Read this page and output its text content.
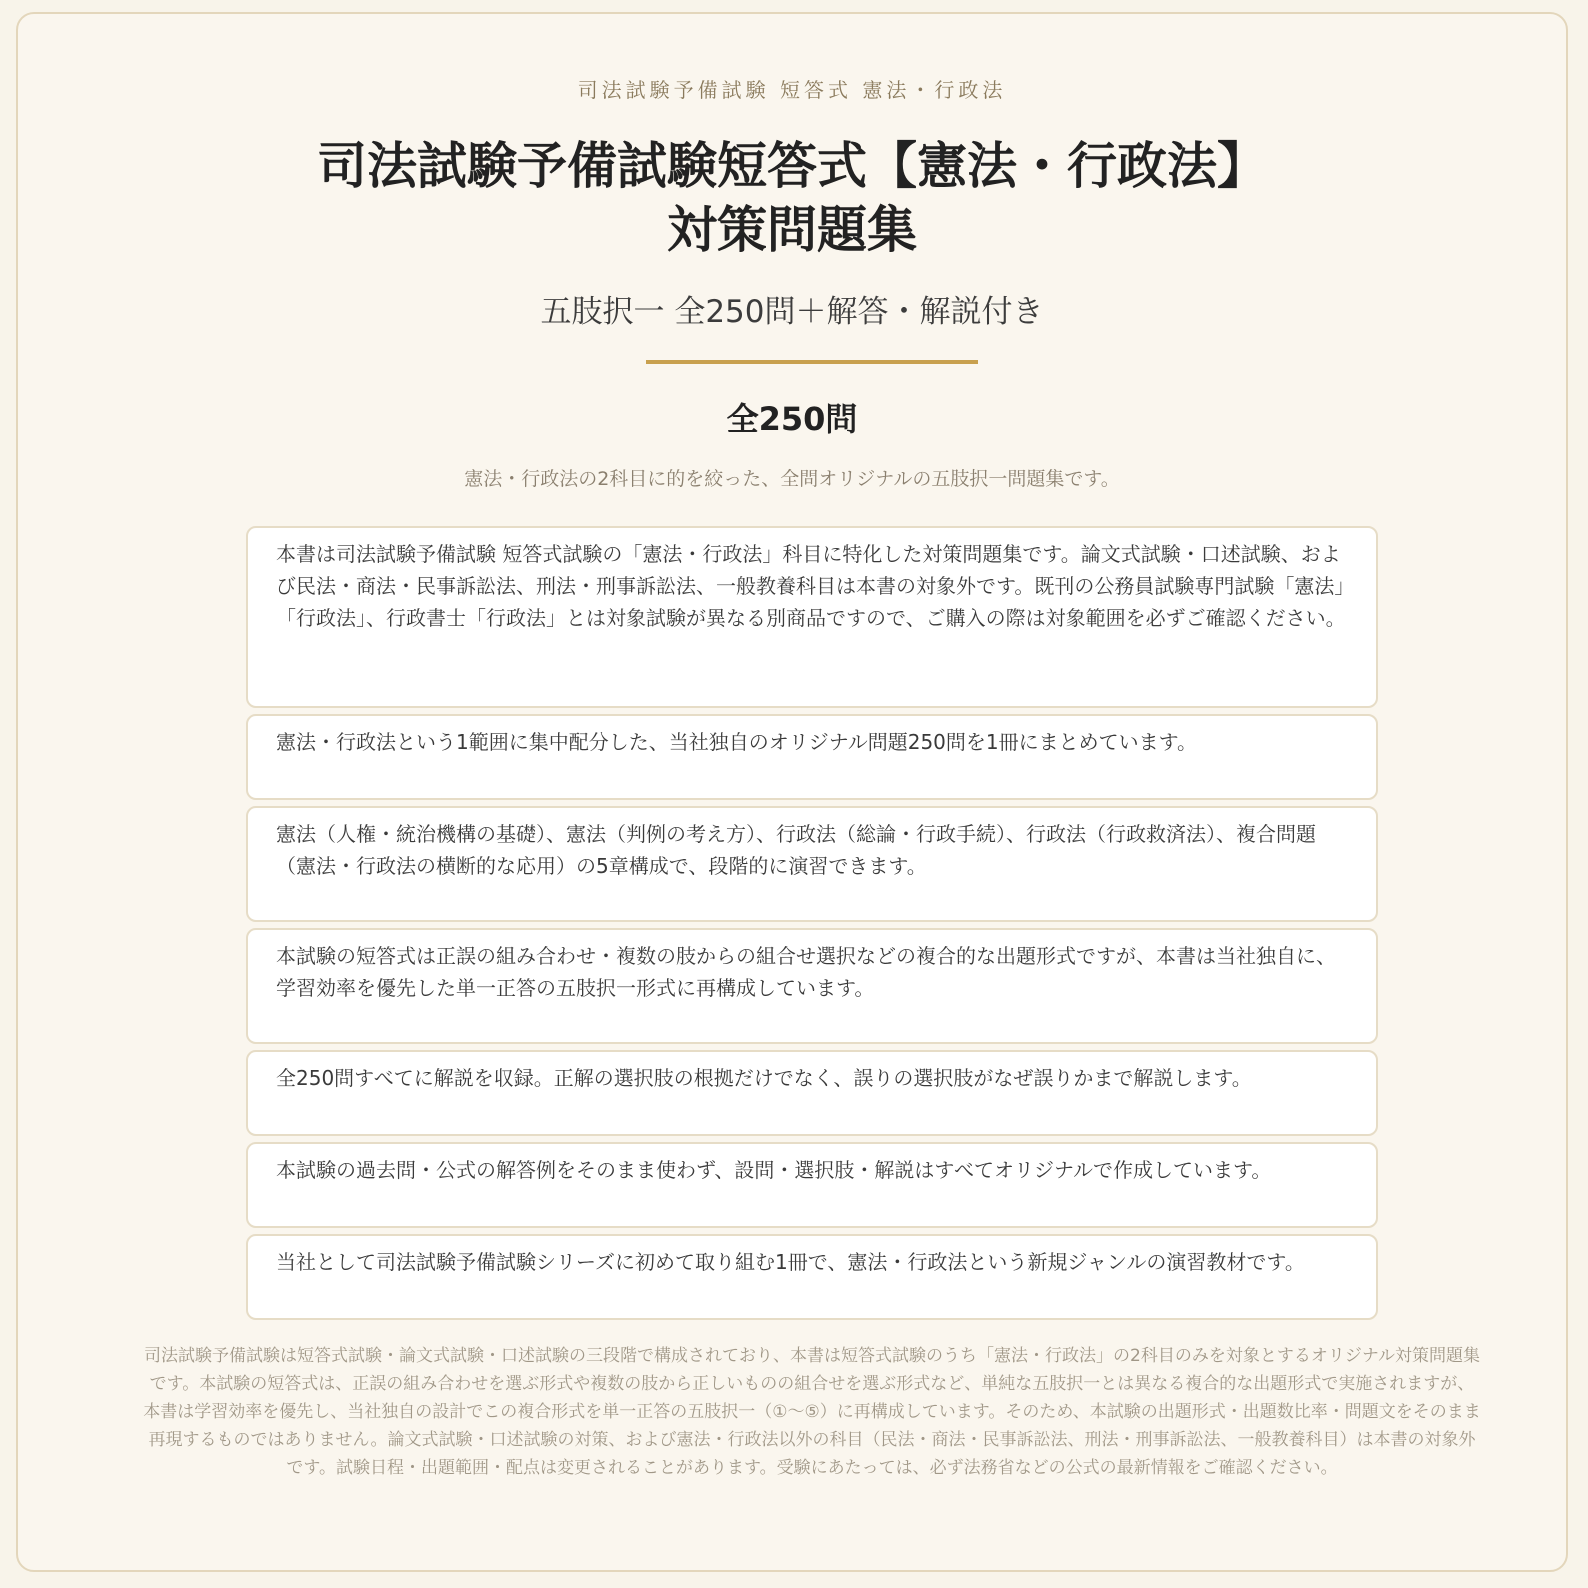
司法試験予備試験 短答式 憲法・行政法
司法試験予備試験短答式【憲法・行政法】
対策問題集
五肢択一 全250問＋解答・解説付き
全250問
憲法・行政法の2科目に的を絞った、全問オリジナルの五肢択一問題集です。
本書は司法試験予備試験 短答式試験の「憲法・行政法」科目に特化した対策問題集です。論文式試験・口述試験、および民法・商法・民事訴訟法、刑法・刑事訴訟法、一般教養科目は本書の対象外です。既刊の公務員試験専門試験「憲法」「行政法」、行政書士「行政法」とは対象試験が異なる別商品ですので、ご購入の際は対象範囲を必ずご確認ください。
憲法・行政法という1範囲に集中配分した、当社独自のオリジナル問題250問を1冊にまとめています。
憲法（人権・統治機構の基礎）、憲法（判例の考え方）、行政法（総論・行政手続）、行政法（行政救済法）、複合問題（憲法・行政法の横断的な応用）の5章構成で、段階的に演習できます。
本試験の短答式は正誤の組み合わせ・複数の肢からの組合せ選択などの複合的な出題形式ですが、本書は当社独自に、学習効率を優先した単一正答の五肢択一形式に再構成しています。
全250問すべてに解説を収録。正解の選択肢の根拠だけでなく、誤りの選択肢がなぜ誤りかまで解説します。
本試験の過去問・公式の解答例をそのまま使わず、設問・選択肢・解説はすべてオリジナルで作成しています。
当社として司法試験予備試験シリーズに初めて取り組む1冊で、憲法・行政法という新規ジャンルの演習教材です。
司法試験予備試験は短答式試験・論文式試験・口述試験の三段階で構成されており、本書は短答式試験のうち「憲法・行政法」の2科目のみを対象とするオリジナル対策問題集です。本試験の短答式は、正誤の組み合わせを選ぶ形式や複数の肢から正しいものの組合せを選ぶ形式など、単純な五肢択一とは異なる複合的な出題形式で実施されますが、本書は学習効率を優先し、当社独自の設計でこの複合形式を単一正答の五肢択一（①〜⑤）に再構成しています。そのため、本試験の出題形式・出題数比率・問題文をそのまま再現するものではありません。論文式試験・口述試験の対策、および憲法・行政法以外の科目（民法・商法・民事訴訟法、刑法・刑事訴訟法、一般教養科目）は本書の対象外です。試験日程・出題範囲・配点は変更されることがあります。受験にあたっては、必ず法務省などの公式の最新情報をご確認ください。
